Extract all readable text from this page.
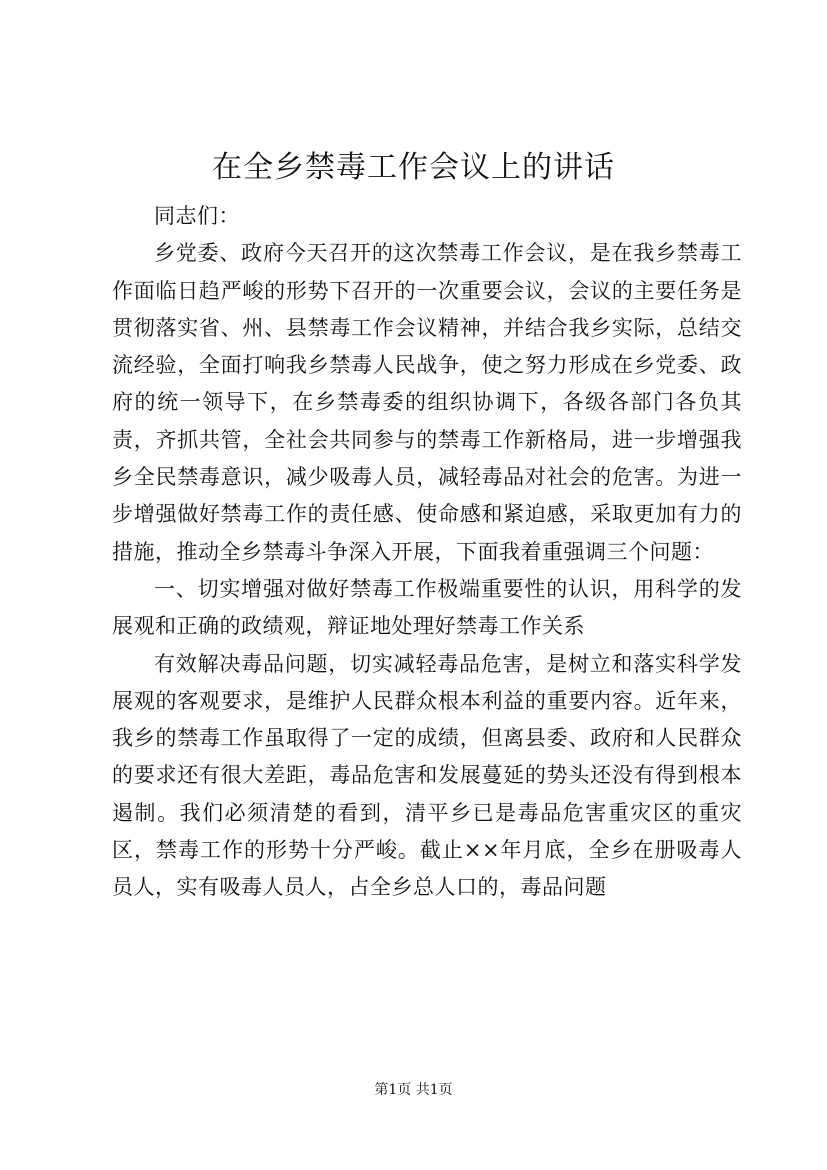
在全乡禁毒工作会议上的讲话

同志们：

乡党委、政府今天召开的这次禁毒工作会议，是在我乡禁毒工作面临日趋严峻的形势下召开的一次重要会议，会议的主要任务是贯彻落实省、州、县禁毒工作会议精神，并结合我乡实际，总结交流经验，全面打响我乡禁毒人民战争，使之努力形成在乡党委、政府的统一领导下，在乡禁毒委的组织协调下，各级各部门各负其责，齐抓共管，全社会共同参与的禁毒工作新格局，进一步增强我乡全民禁毒意识，减少吸毒人员，减轻毒品对社会的危害。为进一步增强做好禁毒工作的责任感、使命感和紧迫感，采取更加有力的措施，推动全乡禁毒斗争深入开展，下面我着重强调三个问题：

一、切实增强对做好禁毒工作极端重要性的认识，用科学的发展观和正确的政绩观，辩证地处理好禁毒工作关系

有效解决毒品问题，切实减轻毒品危害，是树立和落实科学发展观的客观要求，是维护人民群众根本利益的重要内容。近年来，我乡的禁毒工作虽取得了一定的成绩，但离县委、政府和人民群众的要求还有很大差距，毒品危害和发展蔓延的势头还没有得到根本遏制。我们必须清楚的看到，清平乡已是毒品危害重灾区的重灾区，禁毒工作的形势十分严峻。截止××年月底，全乡在册吸毒人员人，实有吸毒人员人，占全乡总人口的，毒品问题

第1页 共1页
